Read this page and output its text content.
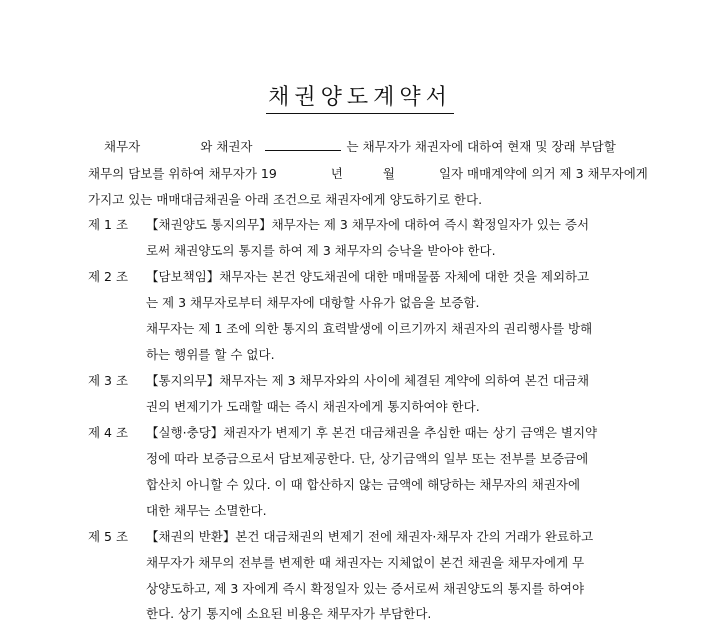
채권양도계약서
채무자	와 채권자	는 채무자가 채권자에 대하여 현재 및 장래 부담할
채무의 담보를 위하여 채무자가 19	년	월	일자 매매계약에 의거 제 3 채무자에게
가지고 있는 매매대금채권을 아래 조건으로 채권자에게 양도하기로 한다.
제 1 조 【채권양도 통지의무】채무자는 제 3 채무자에 대하여 즉시 확정일자가 있는 증서
로써 채권양도의 통지를 하여 제 3 채무자의 승낙을 받아야 한다.
제 2 조 【담보책임】채무자는 본건 양도채권에 대한 매매물품 자체에 대한 것을 제외하고
는 제 3 채무자로부터 채무자에 대항할 사유가 없음을 보증함.
채무자는 제 1 조에 의한 통지의 효력발생에 이르기까지 채권자의 권리행사를 방해
하는 행위를 할 수 없다.
제 3 조 【통지의무】채무자는 제 3 채무자와의 사이에 체결된 계약에 의하여 본건 대금채
권의 변제기가 도래할 때는 즉시 채권자에게 통지하여야 한다.
제 4 조 【실행·충당】채권자가 변제기 후 본건 대금채권을 추심한 때는 상기 금액은 별지약
정에 따라 보증금으로서 담보제공한다. 단, 상기금액의 일부 또는 전부를 보증금에
합산치 아니할 수 있다. 이 때 합산하지 않는 금액에 해당하는 채무자의 채권자에
대한 채무는 소멸한다.
제 5 조 【채권의 반환】본건 대금채권의 변제기 전에 채권자·채무자 간의 거래가 완료하고
채무자가 채무의 전부를 변제한 때 채권자는 지체없이 본건 채권을 채무자에게 무
상양도하고, 제 3 자에게 즉시 확정일자 있는 증서로써 채권양도의 통지를 하여야
한다. 상기 통지에 소요된 비용은 채무자가 부담한다.
